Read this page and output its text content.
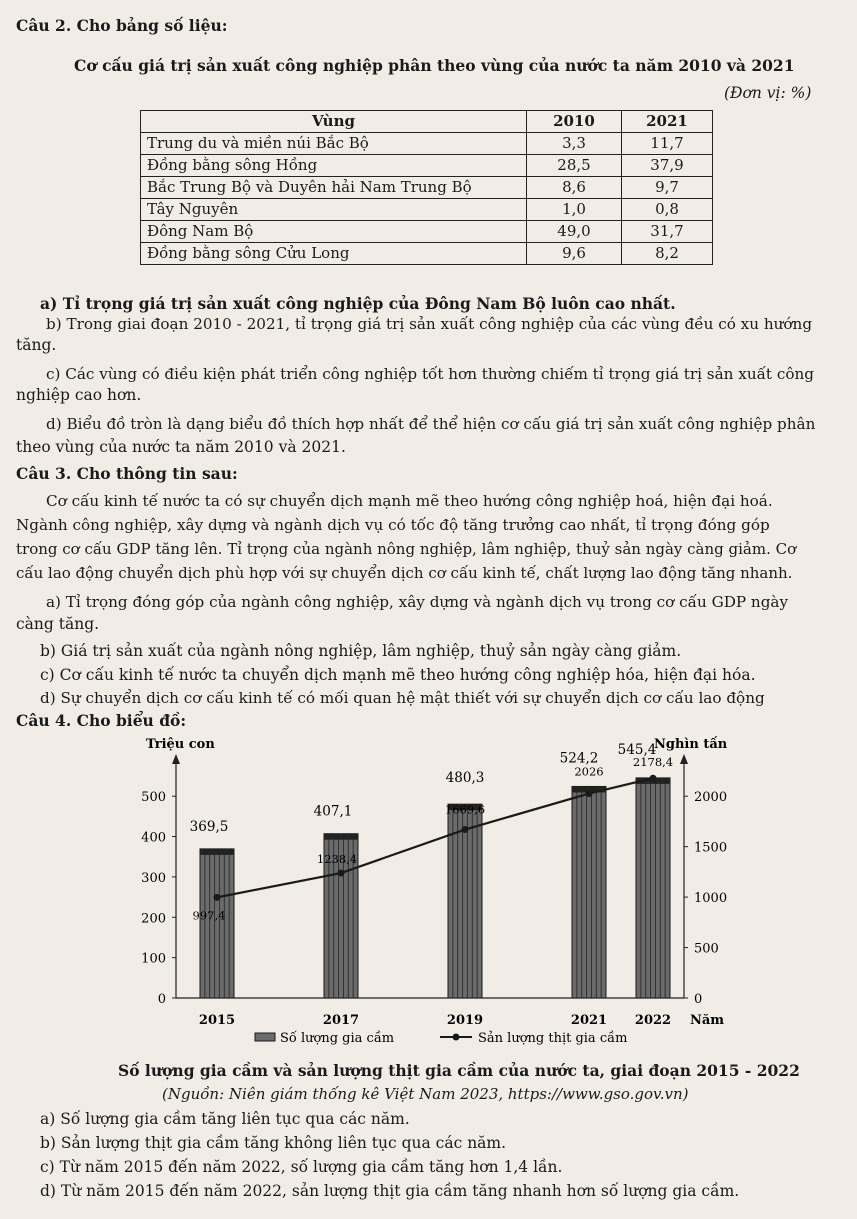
Câu 2. Cho bảng số liệu:
Cơ cấu giá trị sản xuất công nghiệp phân theo vùng của nước ta năm 2010 và 2021
(Đơn vị: %)
Vùng	2010	2021
Trung du và miền núi Bắc Bộ	3,3	11,7
Đồng bằng sông Hồng	28,5	37,9
Bắc Trung Bộ và Duyên hải Nam Trung Bộ	8,6	9,7
Tây Nguyên	1,0	0,8
Đông Nam Bộ	49,0	31,7
Đồng bằng sông Cửu Long	9,6	8,2
a) Tỉ trọng giá trị sản xuất công nghiệp của Đông Nam Bộ luôn cao nhất.
b) Trong giai đoạn 2010 - 2021, tỉ trọng giá trị sản xuất công nghiệp của các vùng đều có xu hướng
tăng.
c) Các vùng có điều kiện phát triển công nghiệp tốt hơn thường chiếm tỉ trọng giá trị sản xuất công
nghiệp cao hơn.
d) Biểu đồ tròn là dạng biểu đồ thích hợp nhất để thể hiện cơ cấu giá trị sản xuất công nghiệp phân
theo vùng của nước ta năm 2010 và 2021.
Câu 3. Cho thông tin sau:
Cơ cấu kinh tế nước ta có sự chuyển dịch mạnh mẽ theo hướng công nghiệp hoá, hiện đại hoá.
Ngành công nghiệp, xây dựng và ngành dịch vụ có tốc độ tăng trưởng cao nhất, tỉ trọng đóng góp
trong cơ cấu GDP tăng lên. Tỉ trọng của ngành nông nghiệp, lâm nghiệp, thuỷ sản ngày càng giảm. Cơ
cấu lao động chuyển dịch phù hợp với sự chuyển dịch cơ cấu kinh tế, chất lượng lao động tăng nhanh.
a) Tỉ trọng đóng góp của ngành công nghiệp, xây dựng và ngành dịch vụ trong cơ cấu GDP ngày
càng tăng.
b) Giá trị sản xuất của ngành nông nghiệp, lâm nghiệp, thuỷ sản ngày càng giảm.
c) Cơ cấu kinh tế nước ta chuyển dịch mạnh mẽ theo hướng công nghiệp hóa, hiện đại hóa.
d) Sự chuyển dịch cơ cấu kinh tế có mối quan hệ mật thiết với sự chuyển dịch cơ cấu lao động
Câu 4. Cho biểu đồ:
Triệu con	Nghìn tấn
0
100
200
300
400
500
0
500
1000
1500
2000
2015	2017	2019	2021 2022 Năm
369,5
407,1
480,3
524,2
545,4
997,4
1238,4
1669,6
2026
2178,4
Số lượng gia cầm	Sản lượng thịt gia cầm
Số lượng gia cầm và sản lượng thịt gia cầm của nước ta, giai đoạn 2015 - 2022
(Nguồn: Niên giám thống kê Việt Nam 2023, https://www.gso.gov.vn)
a) Số lượng gia cầm tăng liên tục qua các năm.
b) Sản lượng thịt gia cầm tăng không liên tục qua các năm.
c) Từ năm 2015 đến năm 2022, số lượng gia cầm tăng hơn 1,4 lần.
d) Từ năm 2015 đến năm 2022, sản lượng thịt gia cầm tăng nhanh hơn số lượng gia cầm.
